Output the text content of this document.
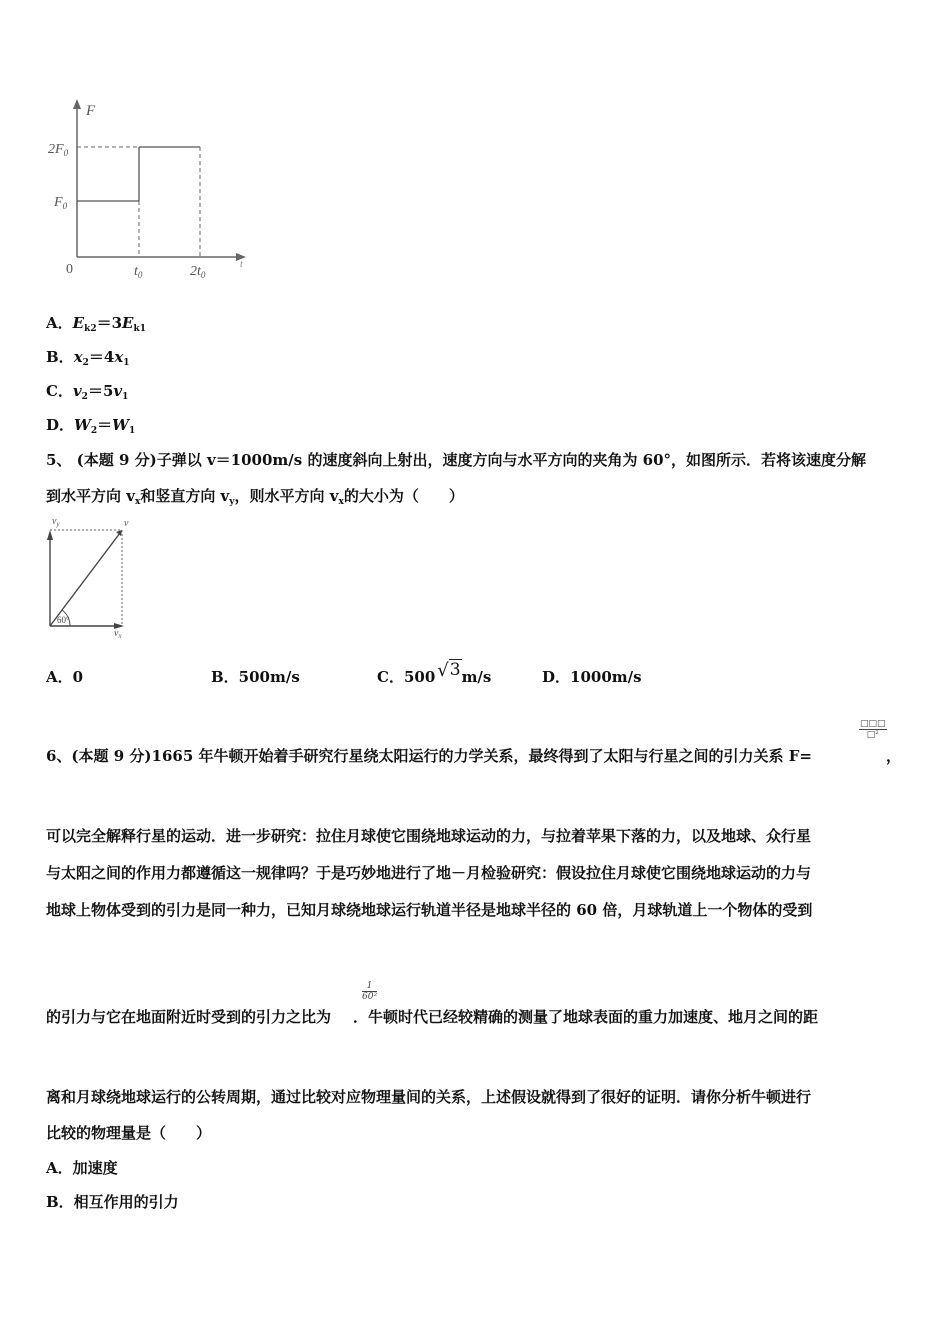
F
$2F_0$
$F_0$
0	$t_0$	$2t_0$
t
A．$E_{k2}=3E_{k1}$
B．$x_2=4x_1$
C．$v_2=5v_1$
D．$W_2=W_1$
5、 (本题 9 分)子弹以 v＝1000m/s 的速度斜向上射出，速度方向与水平方向的夹角为 60°，如图所示．若将该速度分解
到水平方向 $v_x$和竖直方向 $v_y$，则水平方向 $v_x$的大小为（　　）
$v_y$	v
$v_x$
60°
A．0	B．500m/s	C．500 √3m/s	D．1000m/s
6、(本题 9 分)1665 年牛顿开始着手研究行星绕太阳运行的力学关系，最终得到了太阳与行星之间的引力关系 F=
□□□
□²
，
可以完全解释行星的运动．进一步研究：拉住月球使它围绕地球运动的力，与拉着苹果下落的力，以及地球、众行星
与太阳之间的作用力都遵循这一规律吗？于是巧妙地进行了地－月检验研究：假设拉住月球使它围绕地球运动的力与
地球上物体受到的引力是同一种力，已知月球绕地球运行轨道半径是地球半径的 60 倍，月球轨道上一个物体的受到
的引力与它在地面附近时受到的引力之比为 ．牛顿时代已经较精确的测量了地球表面的重力加速度、地月之间的距
$\frac{1}{\text{60²}}$
离和月球绕地球运行的公转周期，通过比较对应物理量间的关系，上述假设就得到了很好的证明．请你分析牛顿进行
比较的物理量是（　　）
A．加速度
B．相互作用的引力
